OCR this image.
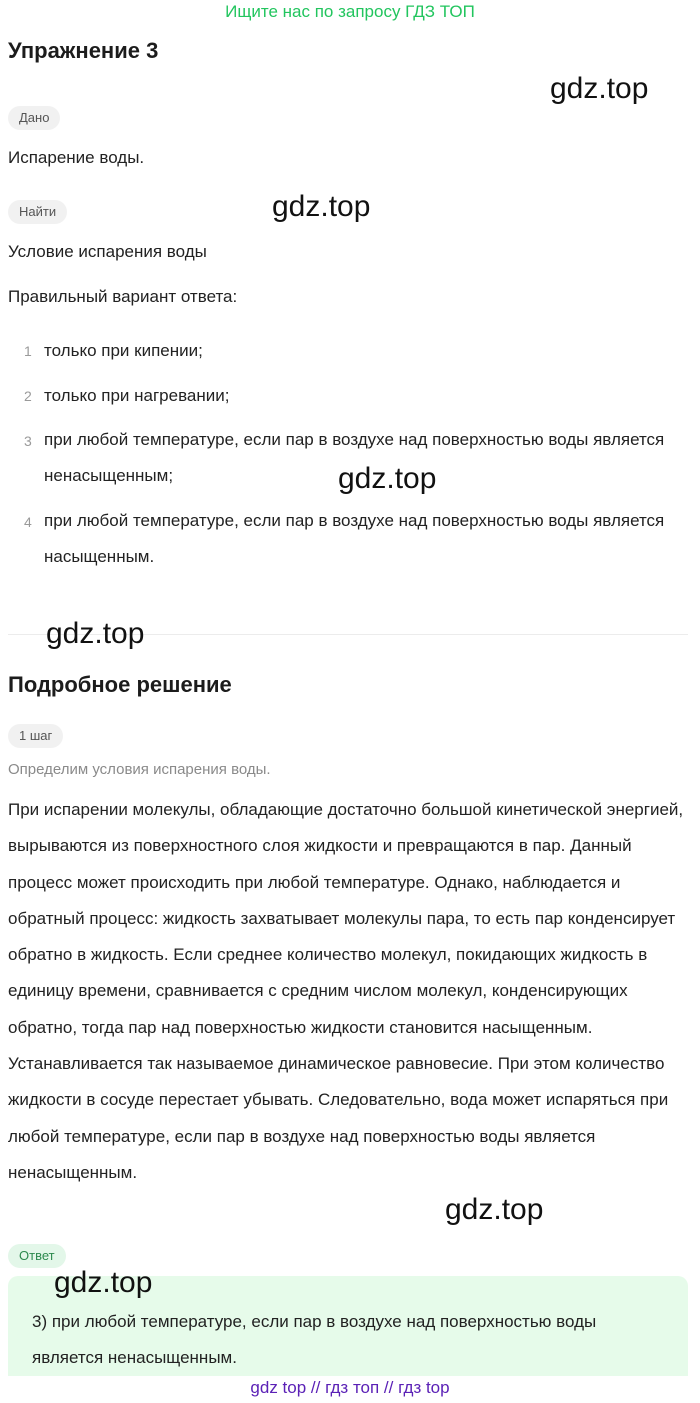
Ищите нас по запросу ГДЗ ТОП
Упражнение 3
Дано
Испарение воды.
Найти
Условие испарения воды
Правильный вариант ответа:
1 только при кипении;
2 только при нагревании;
3 при любой температуре, если пар в воздухе над поверхностью воды является ненасыщенным;
4 при любой температуре, если пар в воздухе над поверхностью воды является насыщенным.
Подробное решение
1 шаг
Определим условия испарения воды.
При испарении молекулы, обладающие достаточно большой кинетической энергией, вырываются из поверхностного слоя жидкости и превращаются в пар. Данный процесс может происходить при любой температуре. Однако, наблюдается и обратный процесс: жидкость захватывает молекулы пара, то есть пар конденсирует обратно в жидкость. Если среднее количество молекул, покидающих жидкость в единицу времени, сравнивается с средним числом молекул, конденсирующих обратно, тогда пар над поверхностью жидкости становится насыщенным. Устанавливается так называемое динамическое равновесие. При этом количество жидкости в сосуде перестает убывать. Следовательно, вода может испаряться при любой температуре, если пар в воздухе над поверхностью воды является ненасыщенным.
Ответ
3) при любой температуре, если пар в воздухе над поверхностью воды является ненасыщенным.
gdz.top
gdz.top
gdz.top
gdz.top
gdz.top
gdz.top
gdz top // гдз топ // гдз top
